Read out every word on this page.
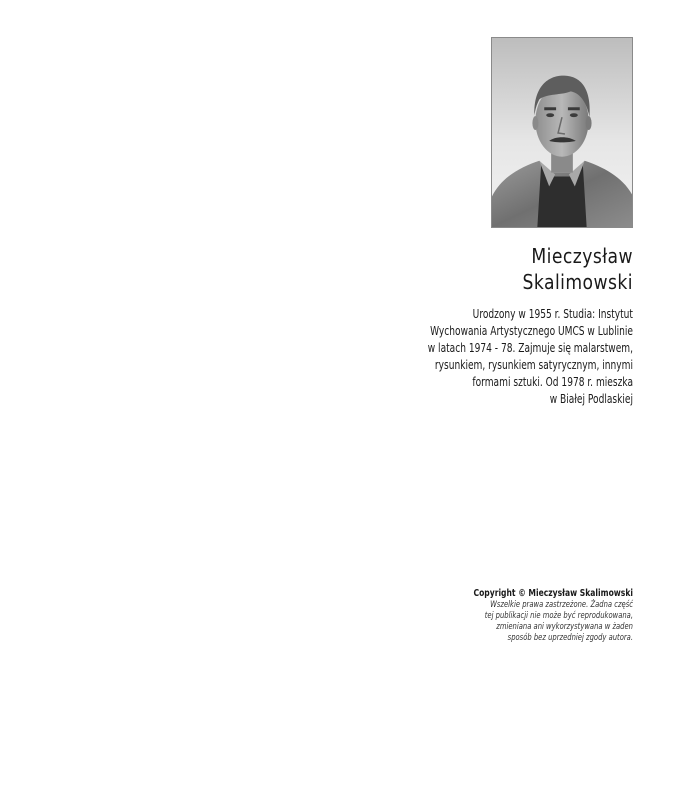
Mieczysław
Skalimowski
Urodzony w 1955 r. Studia: Instytut
Wychowania Artystycznego UMCS w Lublinie
w latach 1974 - 78. Zajmuje się malarstwem,
rysunkiem, rysunkiem satyrycznym, innymi
formami sztuki. Od 1978 r. mieszka
w Białej Podlaskiej
Copyright © Mieczysław Skalimowski
Wszelkie prawa zastrzeżone. Żadna część
tej publikacji nie może być reprodukowana,
zmieniana ani wykorzystywana w żaden
sposób bez uprzedniej zgody autora.
